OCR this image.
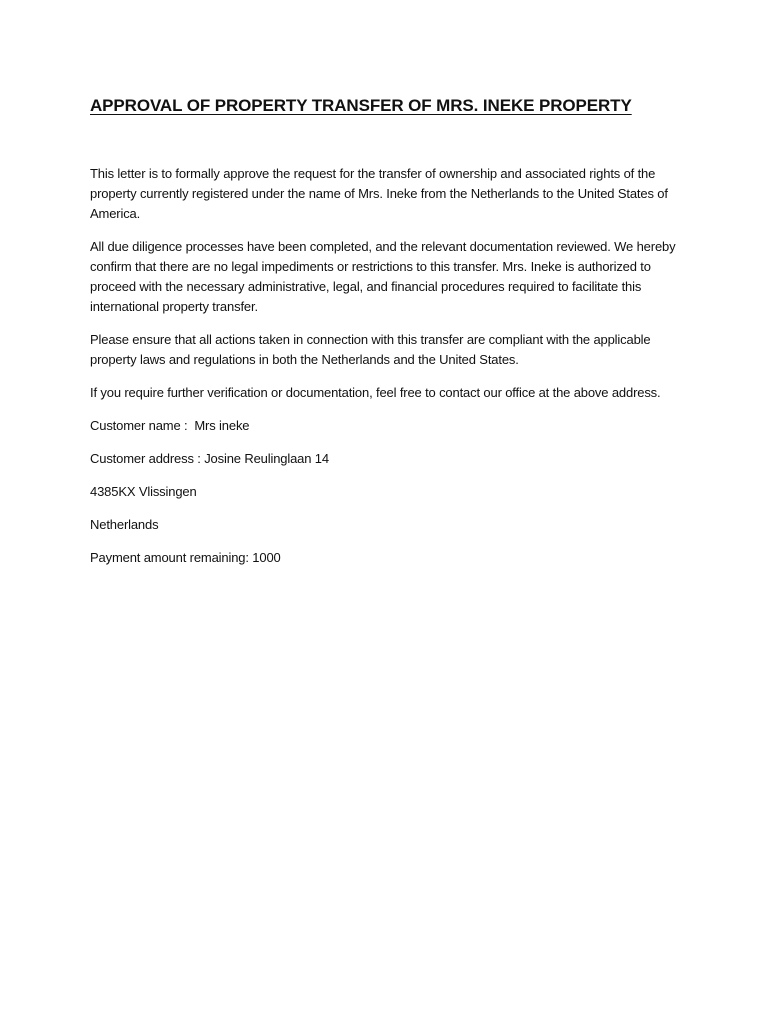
APPROVAL OF PROPERTY TRANSFER OF MRS. INEKE PROPERTY

This letter is to formally approve the request for the transfer of ownership and associated rights of the property currently registered under the name of Mrs. Ineke from the Netherlands to the United States of America.

All due diligence processes have been completed, and the relevant documentation reviewed. We hereby confirm that there are no legal impediments or restrictions to this transfer. Mrs. Ineke is authorized to proceed with the necessary administrative, legal, and financial procedures required to facilitate this international property transfer.

Please ensure that all actions taken in connection with this transfer are compliant with the applicable property laws and regulations in both the Netherlands and the United States.

If you require further verification or documentation, feel free to contact our office at the above address.

Customer name :  Mrs ineke

Customer address : Josine Reulinglaan 14

4385KX Vlissingen

Netherlands

Payment amount remaining: 1000
